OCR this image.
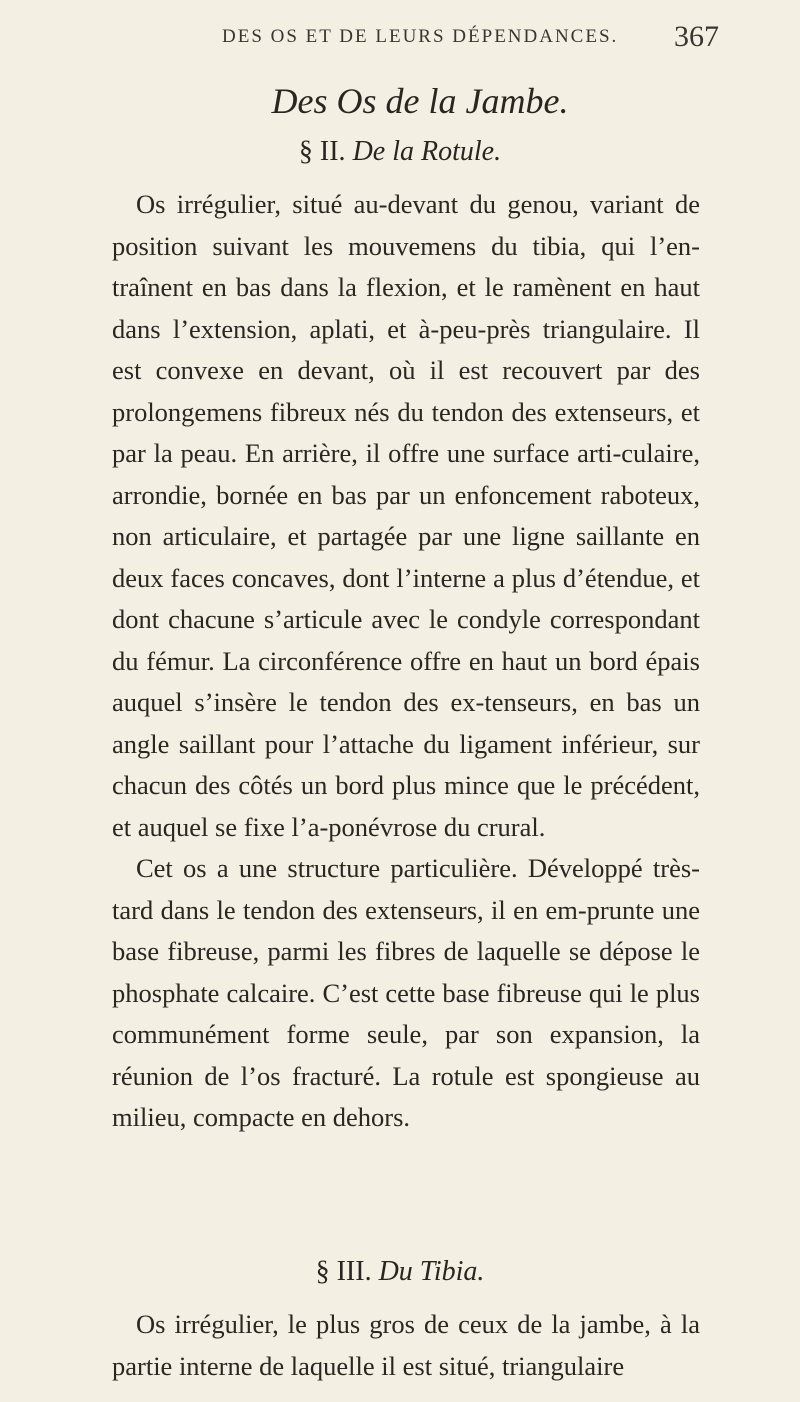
DES OS ET DE LEURS DÉPENDANCES. 367
Des Os de la Jambe.
§ II. De la Rotule.

Os irrégulier, situé au-devant du genou, variant de position suivant les mouvemens du tibia, qui l’en-traînent en bas dans la flexion, et le ramènent en haut dans l’extension, aplati, et à-peu-près triangulaire. Il est convexe en devant, où il est recouvert par des prolongemens fibreux nés du tendon des extenseurs, et par la peau. En arrière, il offre une surface arti-culaire, arrondie, bornée en bas par un enfoncement raboteux, non articulaire, et partagée par une ligne saillante en deux faces concaves, dont l’interne a plus d’étendue, et dont chacune s’articule avec le condyle correspondant du fémur. La circonférence offre en haut un bord épais auquel s’insère le tendon des ex-tenseurs, en bas un angle saillant pour l’attache du ligament inférieur, sur chacun des côtés un bord plus mince que le précédent, et auquel se fixe l’a-ponévrose du crural.

Cet os a une structure particulière. Développé très-tard dans le tendon des extenseurs, il en em-prunte une base fibreuse, parmi les fibres de laquelle se dépose le phosphate calcaire. C’est cette base fibreuse qui le plus communément forme seule, par son expansion, la réunion de l’os fracturé. La rotule est spongieuse au milieu, compacte en dehors.

§ III. Du Tibia.

Os irrégulier, le plus gros de ceux de la jambe, à la partie interne de laquelle il est situé, triangulaire
